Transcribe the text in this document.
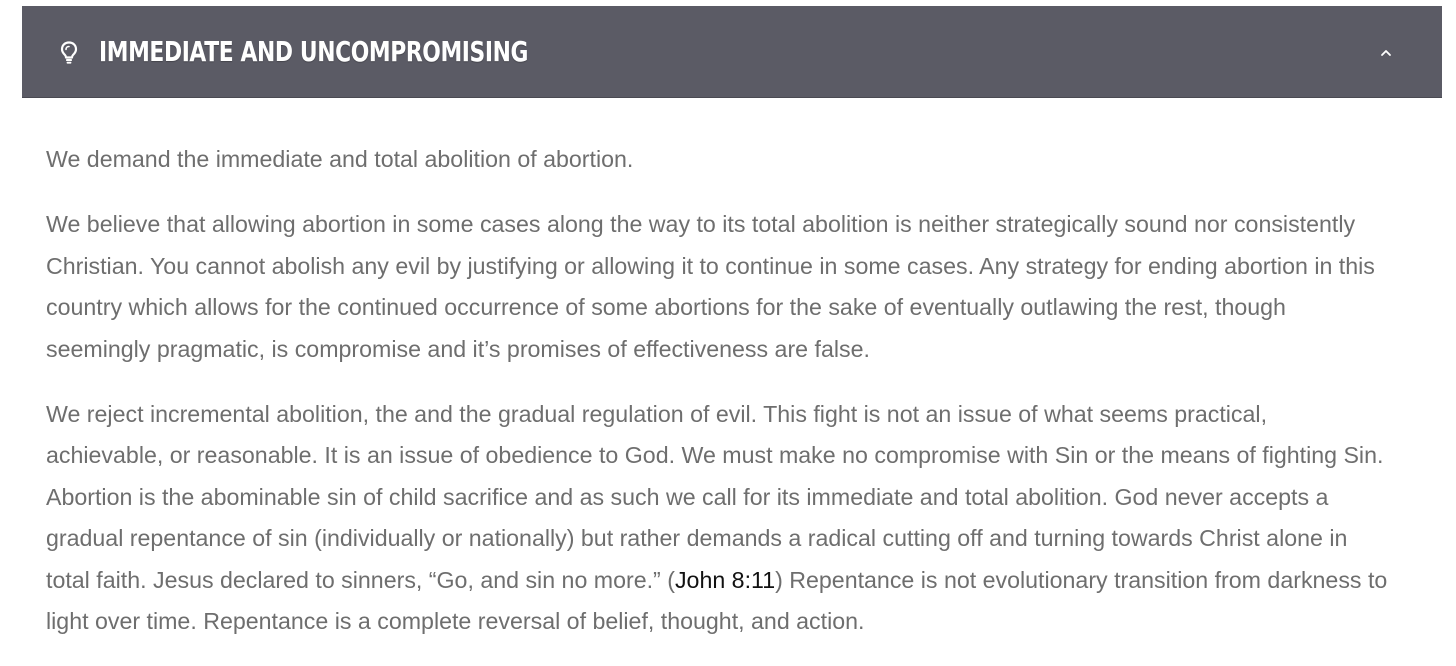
IMMEDIATE AND UNCOMPROMISING

We demand the immediate and total abolition of abortion.

We believe that allowing abortion in some cases along the way to its total abolition is neither strategically sound nor consistently
Christian. You cannot abolish any evil by justifying or allowing it to continue in some cases. Any strategy for ending abortion in this
country which allows for the continued occurrence of some abortions for the sake of eventually outlawing the rest, though
seemingly pragmatic, is compromise and it’s promises of effectiveness are false.

We reject incremental abolition, the and the gradual regulation of evil. This fight is not an issue of what seems practical,
achievable, or reasonable. It is an issue of obedience to God. We must make no compromise with Sin or the means of fighting Sin.
Abortion is the abominable sin of child sacrifice and as such we call for its immediate and total abolition. God never accepts a
gradual repentance of sin (individually or nationally) but rather demands a radical cutting off and turning towards Christ alone in
total faith. Jesus declared to sinners, “Go, and sin no more.” (John 8:11) Repentance is not evolutionary transition from darkness to
light over time. Repentance is a complete reversal of belief, thought, and action.
